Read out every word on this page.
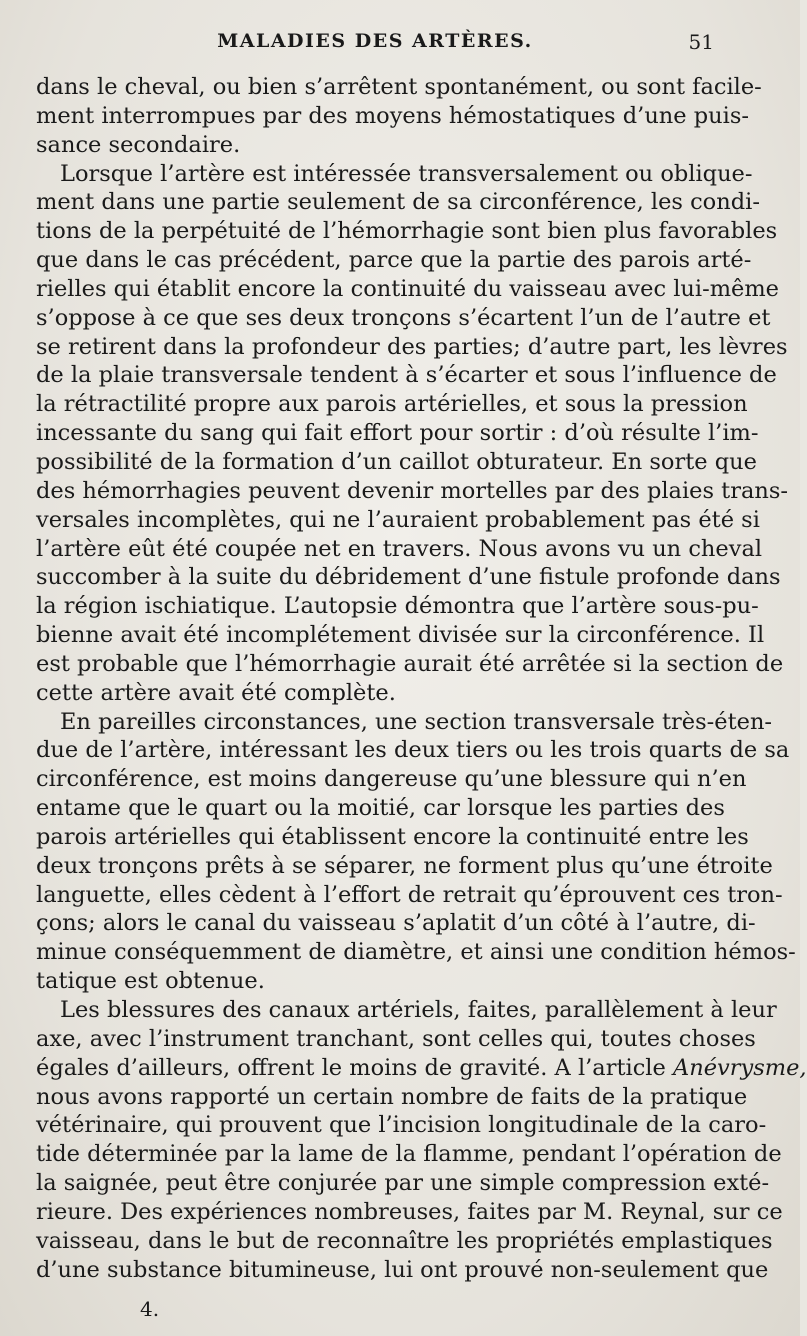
MALADIES DES ARTÈRES.	51
dans le cheval, ou bien s’arrêtent spontanément, ou sont facile-
ment interrompues par des moyens hémostatiques d’une puis-
sance secondaire.
Lorsque l’artère est intéressée transversalement ou oblique-
ment dans une partie seulement de sa circonférence, les condi-
tions de la perpétuité de l’hémorrhagie sont bien plus favorables
que dans le cas précédent, parce que la partie des parois arté-
rielles qui établit encore la continuité du vaisseau avec lui-même
s’oppose à ce que ses deux tronçons s’écartent l’un de l’autre et
se retirent dans la profondeur des parties; d’autre part, les lèvres
de la plaie transversale tendent à s’écarter et sous l’influence de
la rétractilité propre aux parois artérielles, et sous la pression
incessante du sang qui fait effort pour sortir : d’où résulte l’im-
possibilité de la formation d’un caillot obturateur. En sorte que
des hémorrhagies peuvent devenir mortelles par des plaies trans-
versales incomplètes, qui ne l’auraient probablement pas été si
l’artère eût été coupée net en travers. Nous avons vu un cheval
succomber à la suite du débridement d’une fistule profonde dans
la région ischiatique. L’autopsie démontra que l’artère sous-pu-
bienne avait été incomplétement divisée sur la circonférence. Il
est probable que l’hémorrhagie aurait été arrêtée si la section de
cette artère avait été complète.
En pareilles circonstances, une section transversale très-éten-
due de l’artère, intéressant les deux tiers ou les trois quarts de sa
circonférence, est moins dangereuse qu’une blessure qui n’en
entame que le quart ou la moitié, car lorsque les parties des
parois artérielles qui établissent encore la continuité entre les
deux tronçons prêts à se séparer, ne forment plus qu’une étroite
languette, elles cèdent à l’effort de retrait qu’éprouvent ces tron-
çons; alors le canal du vaisseau s’aplatit d’un côté à l’autre, di-
minue conséquemment de diamètre, et ainsi une condition hémos-
tatique est obtenue.
Les blessures des canaux artériels, faites, parallèlement à leur
axe, avec l’instrument tranchant, sont celles qui, toutes choses
égales d’ailleurs, offrent le moins de gravité. A l’article Anévrysme,
nous avons rapporté un certain nombre de faits de la pratique
vétérinaire, qui prouvent que l’incision longitudinale de la caro-
tide déterminée par la lame de la flamme, pendant l’opération de
la saignée, peut être conjurée par une simple compression exté-
rieure. Des expériences nombreuses, faites par M. Reynal, sur ce
vaisseau, dans le but de reconnaître les propriétés emplastiques
d’une substance bitumineuse, lui ont prouvé non-seulement que
4.
